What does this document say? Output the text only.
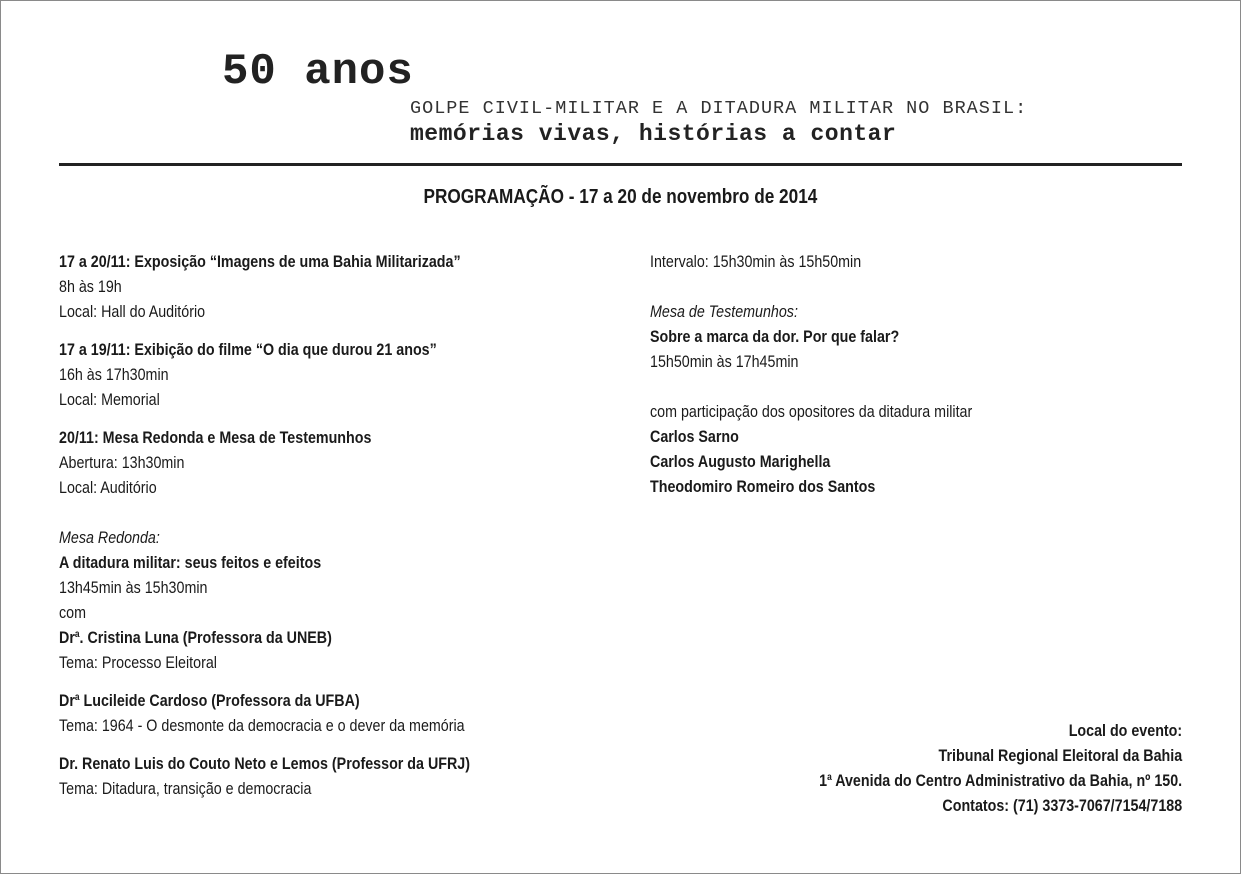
50 anos
GOLPE CIVIL-MILITAR E A DITADURA MILITAR NO BRASIL:
memórias vivas, histórias a contar
PROGRAMAÇÃO - 17 a 20 de novembro de 2014
17 a 20/11: Exposição “Imagens de uma Bahia Militarizada”
8h às 19h
Local: Hall do Auditório
17 a 19/11: Exibição do filme “O dia que durou 21 anos”
16h às 17h30min
Local: Memorial
20/11: Mesa Redonda e Mesa de Testemunhos
Abertura: 13h30min
Local: Auditório
Mesa Redonda:
A ditadura militar: seus feitos e efeitos
13h45min às 15h30min
com
Dr$^a$. Cristina Luna (Professora da UNEB)
Tema: Processo Eleitoral
Dr$^a$ Lucileide Cardoso (Professora da UFBA)
Tema: 1964 - O desmonte da democracia e o dever da memória
Dr. Renato Luis do Couto Neto e Lemos (Professor da UFRJ)
Tema: Ditadura, transição e democracia
Intervalo: 15h30min às 15h50min
Mesa de Testemunhos:
Sobre a marca da dor. Por que falar?
15h50min às 17h45min
com participação dos opositores da ditadura militar
Carlos Sarno
Carlos Augusto Marighella
Theodomiro Romeiro dos Santos
Local do evento:
Tribunal Regional Eleitoral da Bahia
1$^a$ Avenida do Centro Administrativo da Bahia, nº 150.
Contatos: (71) 3373-7067/7154/7188
